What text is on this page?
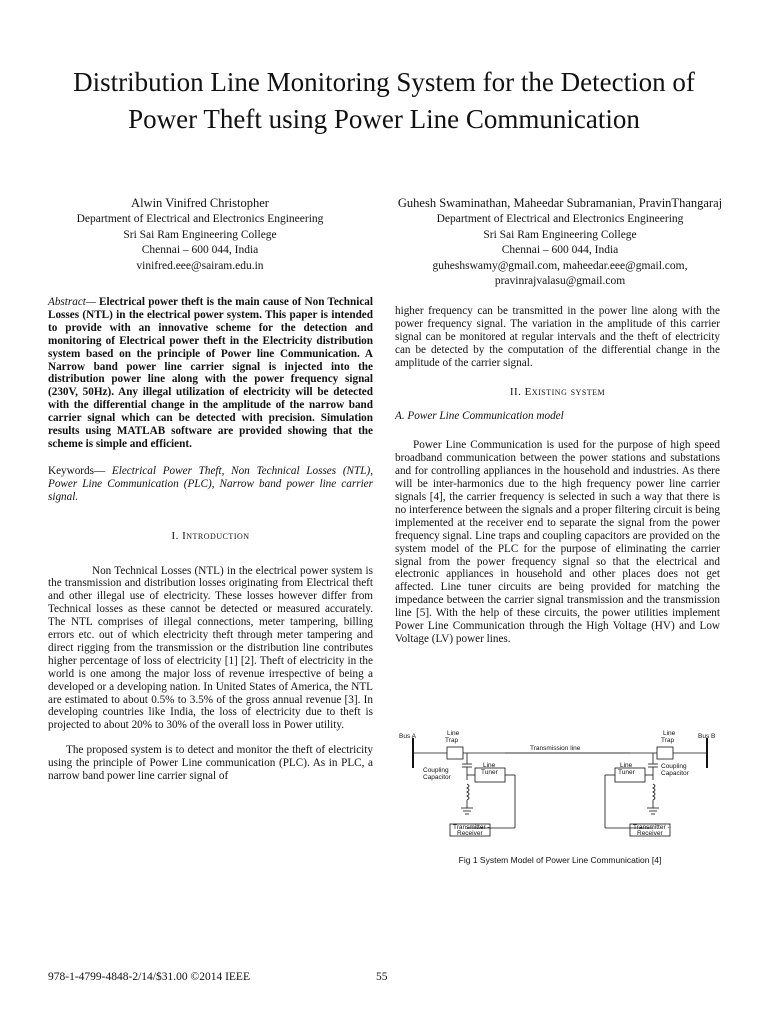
Distribution Line Monitoring System for the Detection of Power Theft using Power Line Communication
Alwin Vinifred Christopher
Department of Electrical and Electronics Engineering
Sri Sai Ram Engineering College
Chennai – 600 044, India
vinifred.eee@sairam.edu.in
Guhesh Swaminathan, Maheedar Subramanian, PravinThangaraj
Department of Electrical and Electronics Engineering
Sri Sai Ram Engineering College
Chennai – 600 044, India
guheshswamy@gmail.com, maheedar.eee@gmail.com, pravinrajvalasu@gmail.com

Abstract— Electrical power theft is the main cause of Non Technical Losses (NTL) in the electrical power system. This paper is intended to provide with an innovative scheme for the detection and monitoring of Electrical power theft in the Electricity distribution system based on the principle of Power line Communication. A Narrow band power line carrier signal is injected into the distribution power line along with the power frequency signal (230V, 50Hz). Any illegal utilization of electricity will be detected with the differential change in the amplitude of the narrow band carrier signal which can be detected with precision. Simulation results using MATLAB software are provided showing that the scheme is simple and efficient.

Keywords— Electrical Power Theft, Non Technical Losses (NTL), Power Line Communication (PLC), Narrow band power line carrier signal.

I. Introduction

Non Technical Losses (NTL) in the electrical power system is the transmission and distribution losses originating from Electrical theft and other illegal use of electricity. These losses however differ from Technical losses as these cannot be detected or measured accurately. The NTL comprises of illegal connections, meter tampering, billing errors etc. out of which electricity theft through meter tampering and direct rigging from the transmission or the distribution line contributes higher percentage of loss of electricity [1] [2]. Theft of electricity in the world is one among the major loss of revenue irrespective of being a developed or a developing nation. In United States of America, the NTL are estimated to about 0.5% to 3.5% of the gross annual revenue [3]. In developing countries like India, the loss of electricity due to theft is projected to about 20% to 30% of the overall loss in Power utility.

The proposed system is to detect and monitor the theft of electricity using the principle of Power Line communication (PLC). As in PLC, a narrow band power line carrier signal of

higher frequency can be transmitted in the power line along with the power frequency signal. The variation in the amplitude of this carrier signal can be monitored at regular intervals and the theft of electricity can be detected by the computation of the differential change in the amplitude of the carrier signal.

II. Existing system

A. Power Line Communication model

Power Line Communication is used for the purpose of high speed broadband communication between the power stations and substations and for controlling appliances in the household and industries. As there will be inter-harmonics due to the high frequency power line carrier signals [4], the carrier frequency is selected in such a way that there is no interference between the signals and a proper filtering circuit is being implemented at the receiver end to separate the signal from the power frequency signal. Line traps and coupling capacitors are provided on the system model of the PLC for the purpose of eliminating the carrier signal from the power frequency signal so that the electrical and electronic appliances in household and other places does not get affected. Line tuner circuits are being provided for matching the impedance between the carrier signal transmission and the transmission line [5]. With the help of these circuits, the power utilities implement Power Line Communication through the High Voltage (HV) and Low Voltage (LV) power lines.

Bus A	Bus B
Line
Trap
Line
Trap
Transmission line
Coupling
Capacitor
Coupling
Capacitor
Line
Tuner
Line
Tuner
Transmitter -
Receiver
Transmitter -
Receiver
Fig 1 System Model of Power Line Communication [4]
978-1-4799-4848-2/14/$31.00 ©2014 IEEE	55
